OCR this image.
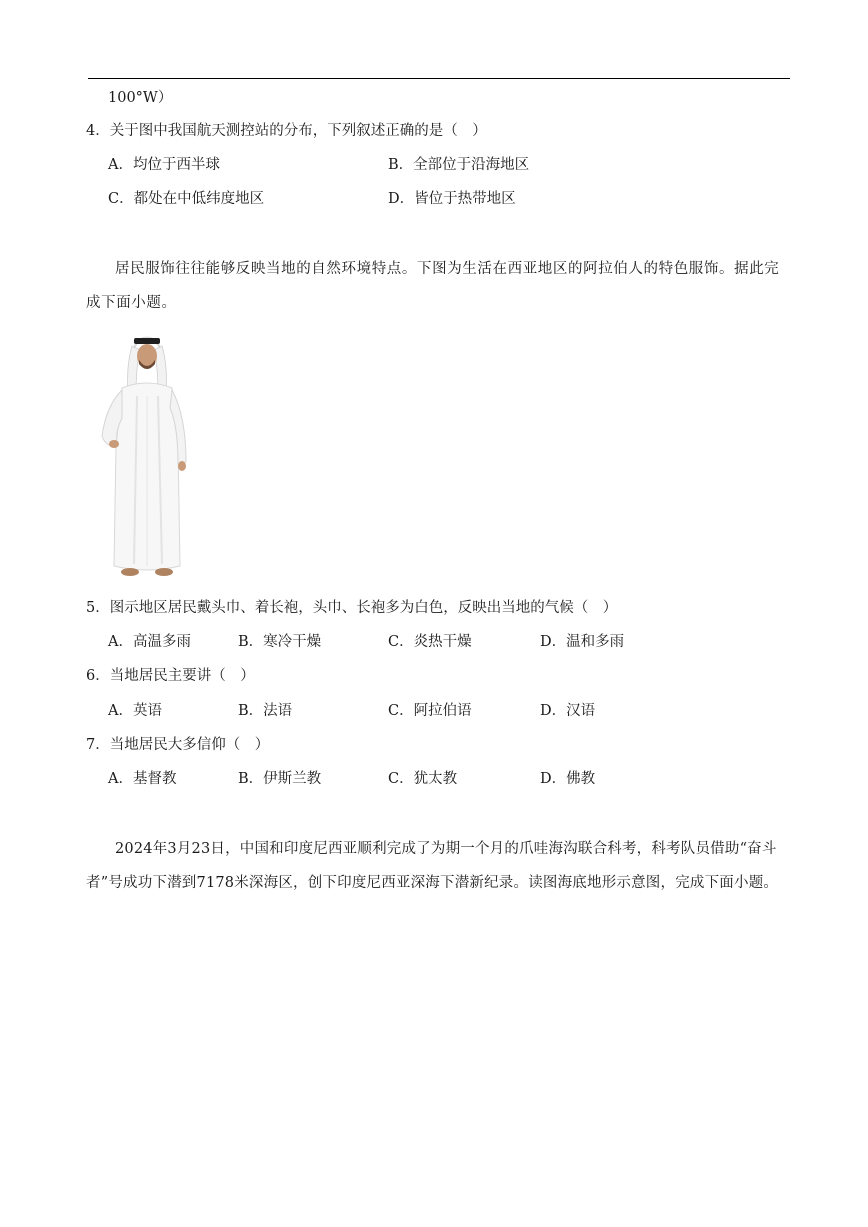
100°W）
4．关于图中我国航天测控站的分布，下列叙述正确的是（　）
A．均位于西半球	B．全部位于沿海地区
C．都处在中低纬度地区	D．皆位于热带地区
居民服饰往往能够反映当地的自然环境特点。下图为生活在西亚地区的阿拉伯人的特色服饰。据此完成下面小题。
5．图示地区居民戴头巾、着长袍，头巾、长袍多为白色，反映出当地的气候（　）
A．高温多雨	B．寒冷干燥	C．炎热干燥	D．温和多雨
6．当地居民主要讲（　）
A．英语	B．法语	C．阿拉伯语	D．汉语
7．当地居民大多信仰（　）
A．基督教	B．伊斯兰教	C．犹太教	D．佛教
2024年3月23日，中国和印度尼西亚顺利完成了为期一个月的爪哇海沟联合科考，科考队员借助“奋斗者”号成功下潜到7178米深海区，创下印度尼西亚深海下潜新纪录。读图海底地形示意图，完成下面小题。
